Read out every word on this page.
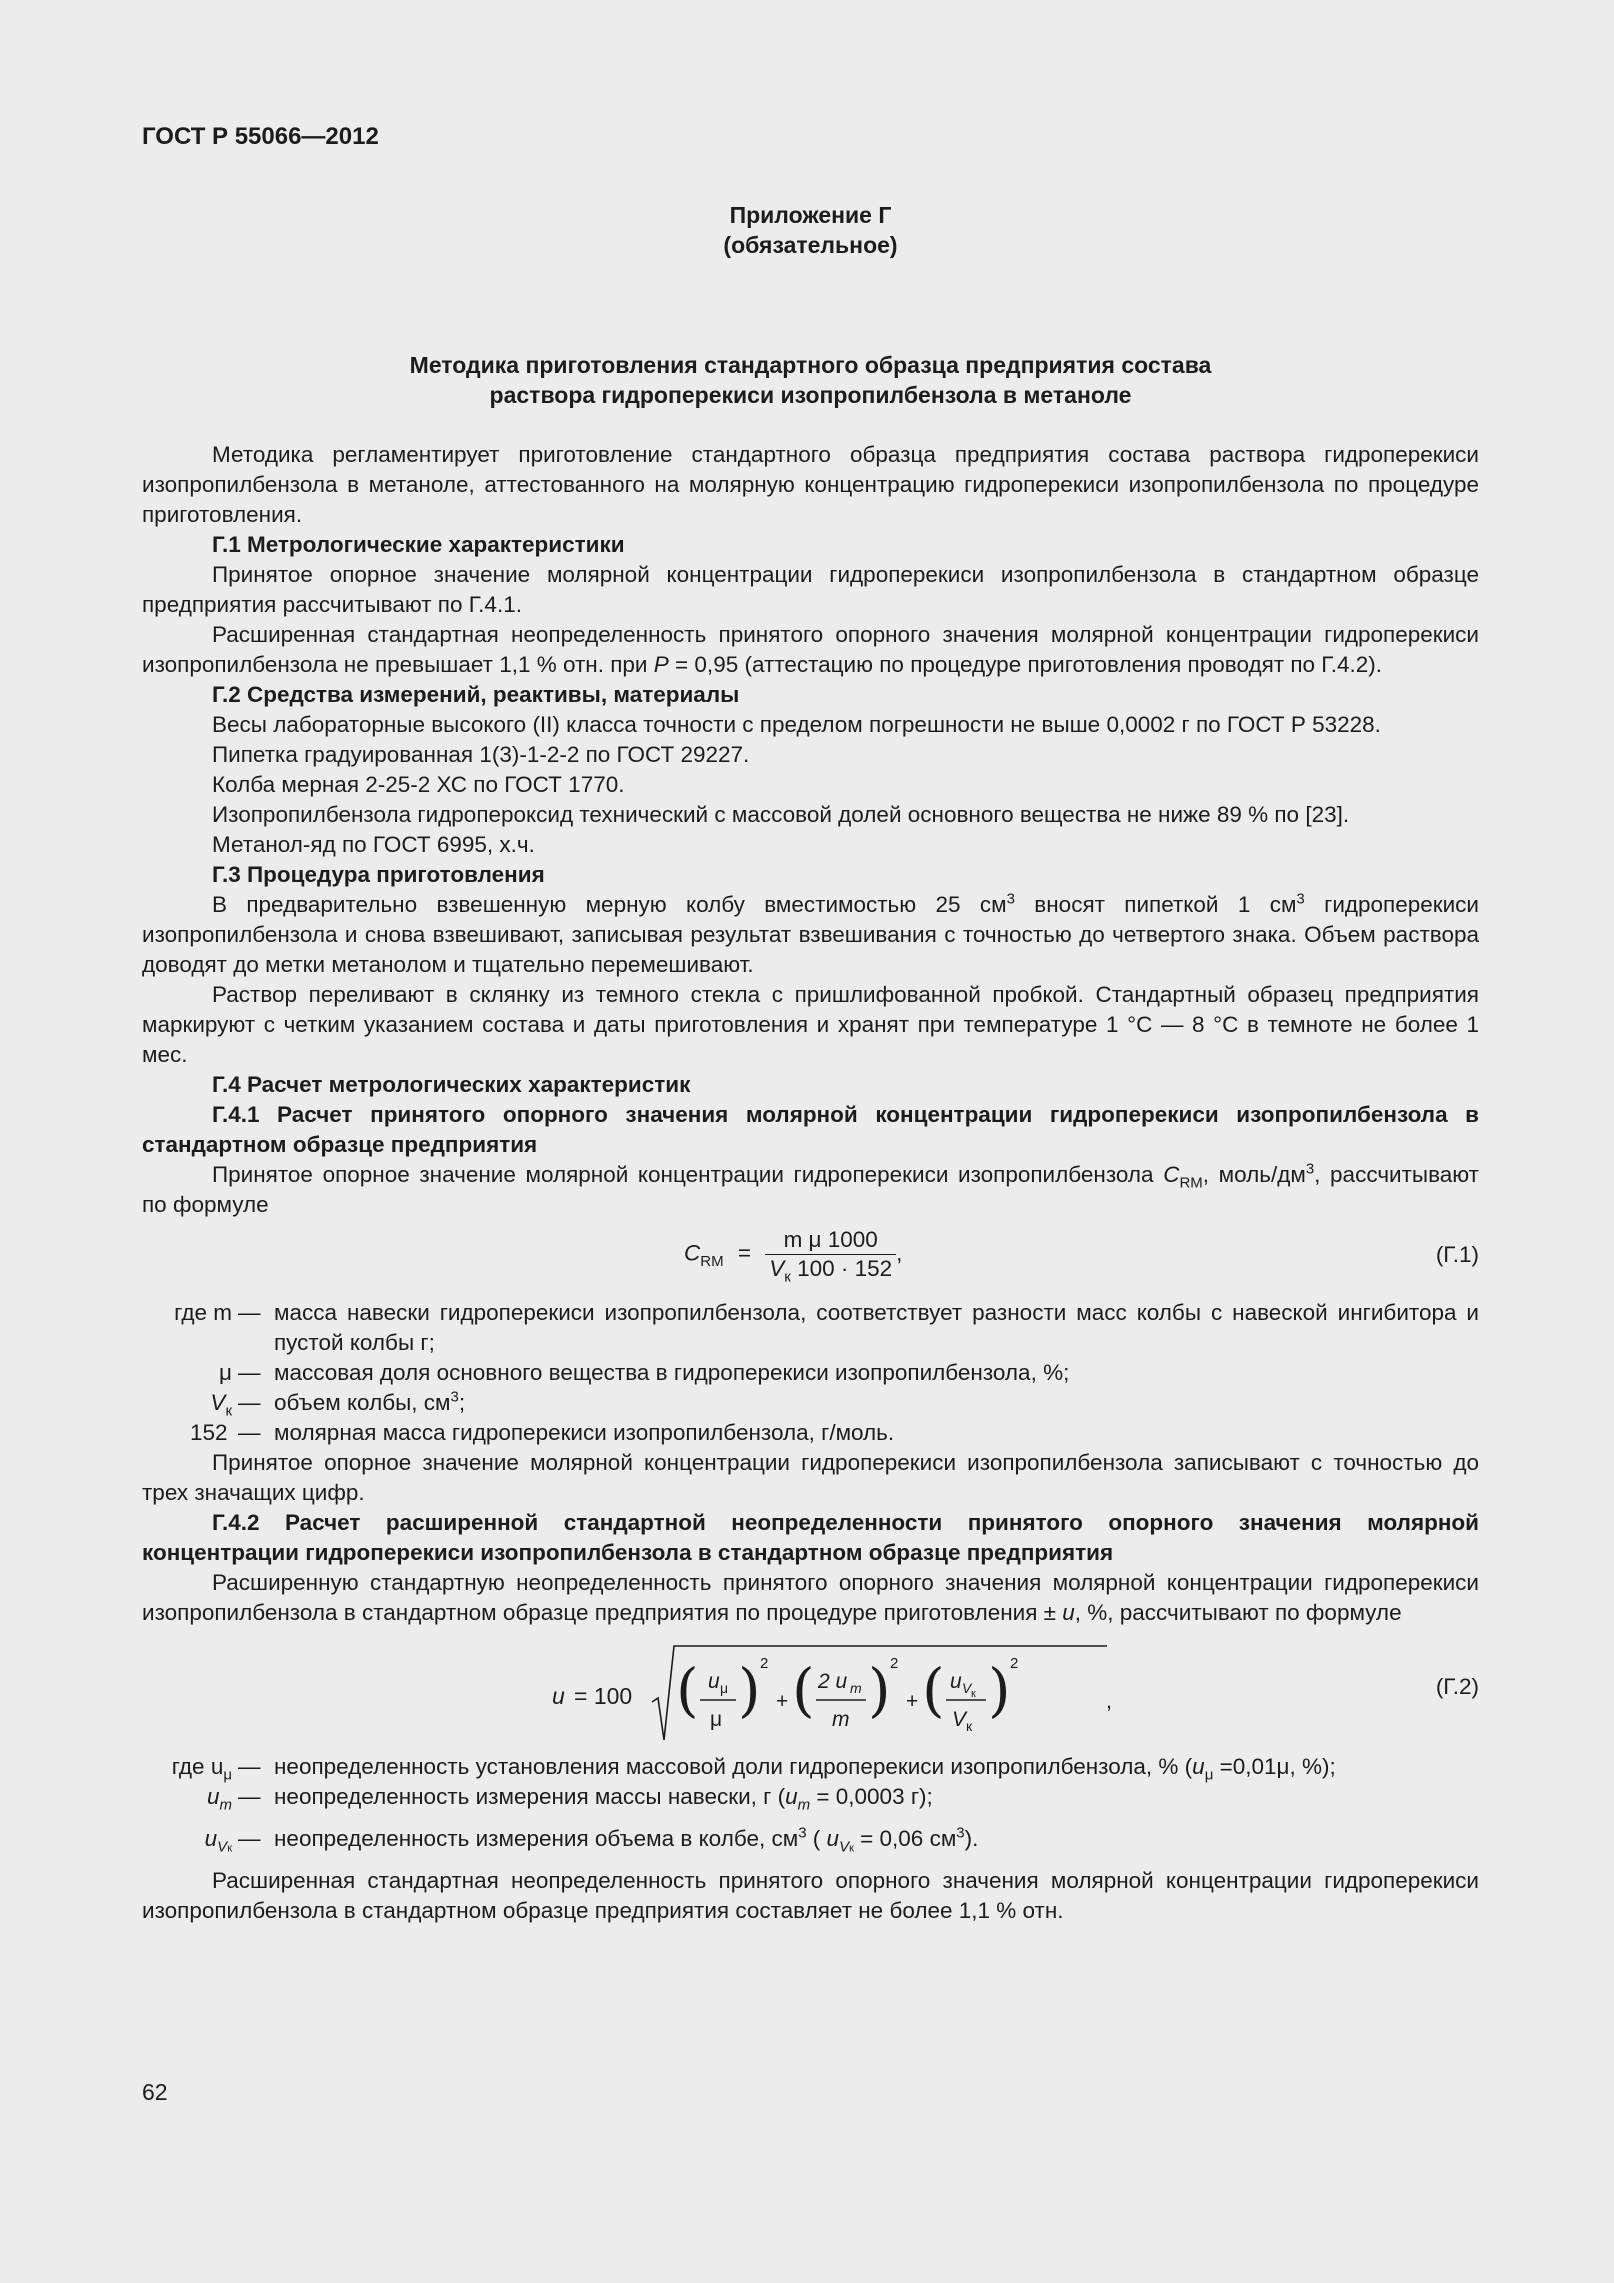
ГОСТ Р 55066—2012
Приложение Г
(обязательное)
Методика приготовления стандартного образца предприятия состава
раствора гидроперекиси изопропилбензола в метаноле

Методика регламентирует приготовление стандартного образца предприятия состава раствора гидроперекиси изопропилбензола в метаноле, аттестованного на молярную концентрацию гидроперекиси изопропилбензола по процедуре приготовления.

Г.1 Метрологические характеристики

Принятое опорное значение молярной концентрации гидроперекиси изопропилбензола в стандартном образце предприятия рассчитывают по Г.4.1.

Расширенная стандартная неопределенность принятого опорного значения молярной концентрации гидроперекиси изопропилбензола не превышает 1,1 % отн. при P = 0,95 (аттестацию по процедуре приготовления проводят по Г.4.2).

Г.2 Средства измерений, реактивы, материалы

Весы лабораторные высокого (II) класса точности с пределом погрешности не выше 0,0002 г по ГОСТ Р 53228.

Пипетка градуированная 1(3)-1-2-2 по ГОСТ 29227.

Колба мерная 2-25-2 ХС по ГОСТ 1770.

Изопропилбензола гидропероксид технический с массовой долей основного вещества не ниже 89 % по [23].

Метанол-яд по ГОСТ 6995, х.ч.

Г.3 Процедура приготовления

В предварительно взвешенную мерную колбу вместимостью 25 $см^3$ вносят пипеткой 1 $см^3$ гидроперекиси изопропилбензола и снова взвешивают, записывая результат взвешивания с точностью до четвертого знака. Объем раствора доводят до метки метанолом и тщательно перемешивают.

Раствор переливают в склянку из темного стекла с пришлифованной пробкой. Стандартный образец предприятия маркируют с четким указанием состава и даты приготовления и хранят при температуре 1 °С — 8 °С в темноте не более 1 мес.

Г.4 Расчет метрологических характеристик

Г.4.1 Расчет принятого опорного значения молярной концентрации гидроперекиси изопропилбензола в стандартном образце предприятия

Принятое опорное значение молярной концентрации гидроперекиси изопропилбензола $C_{RM}$, моль/$дм^3$, рассчитывают по формуле

$C_{RM} = \frac{\text{m μ 1000}}{V_к 100 \cdot 152}$ ,	(Г.1)
где m — масса навески гидроперекиси изопропилбензола, соответствует разности масс колбы с навеской ингибитора и пустой колбы г;
μ — массовая доля основного вещества в гидроперекиси изопропилбензола, %;
$V_к$ — объем колбы, $см^3$;
152 — молярная масса гидроперекиси изопропилбензола, г/моль.

Принятое опорное значение молярной концентрации гидроперекиси изопропилбензола записывают с точностью до трех значащих цифр.

Г.4.2 Расчет расширенной стандартной неопределенности принятого опорного значения молярной концентрации гидроперекиси изопропилбензола в стандартном образце предприятия

Расширенную стандартную неопределенность принятого опорного значения молярной концентрации гидроперекиси изопропилбензола в стандартном образце предприятия по процедуре приготовления ± u, %, рассчитывают по формуле

u = 100 ( u μ
μ ) 2
+ ( 2 u m
m ) 2
+ ( u V к
V к
) 2
,
(Г.2)
где $u_\mu$ — неопределенность установления массовой доли гидроперекиси изопропилбензола, % ($u_\mu =0,01\mu$, %);
$u_m$ — неопределенность измерения массы навески, г ($u_m = 0,0003$ г);
$u_{Vк}$ — неопределенность измерения объема в колбе, $см^3$ ( $u_{Vк} = 0,06$ $см^3$).

Расширенная стандартная неопределенность принятого опорного значения молярной концентрации гидроперекиси изопропилбензола в стандартном образце предприятия составляет не более 1,1 % отн.

62
